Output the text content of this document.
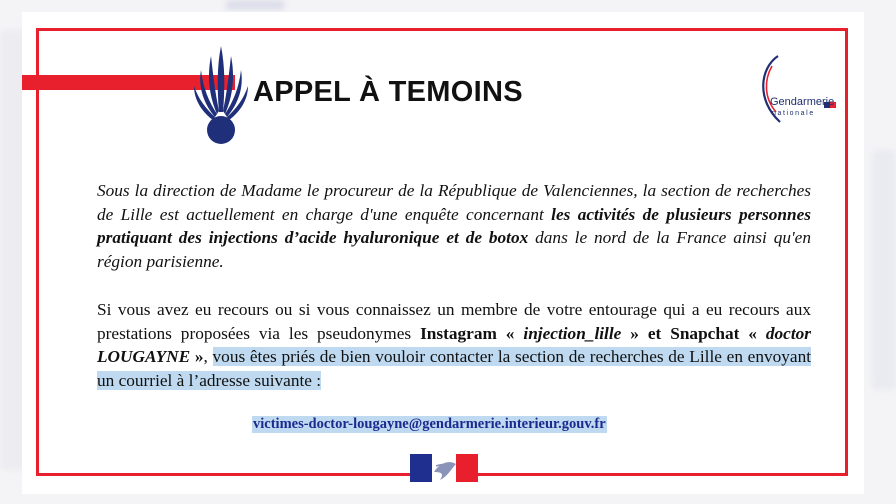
APPEL À TEMOINS	Gendarmerie
nationale
Sous la direction de Madame le procureur de la République de Valenciennes, la section de recherches de Lille est actuellement en charge d'une enquête concernant les activités de plusieurs personnes pratiquant des injections d’acide hyaluronique et de botox dans le nord de la France ainsi qu'en région parisienne.
Si vous avez eu recours ou si vous connaissez un membre de votre entourage qui a eu recours aux prestations proposées via les pseudonymes Instagram « injection_lille » et Snapchat « doctor LOUGAYNE », vous êtes priés de bien vouloir contacter la section de recherches de Lille en envoyant un courriel à l’adresse suivante :
victimes-doctor-lougayne@gendarmerie.interieur.gouv.fr
